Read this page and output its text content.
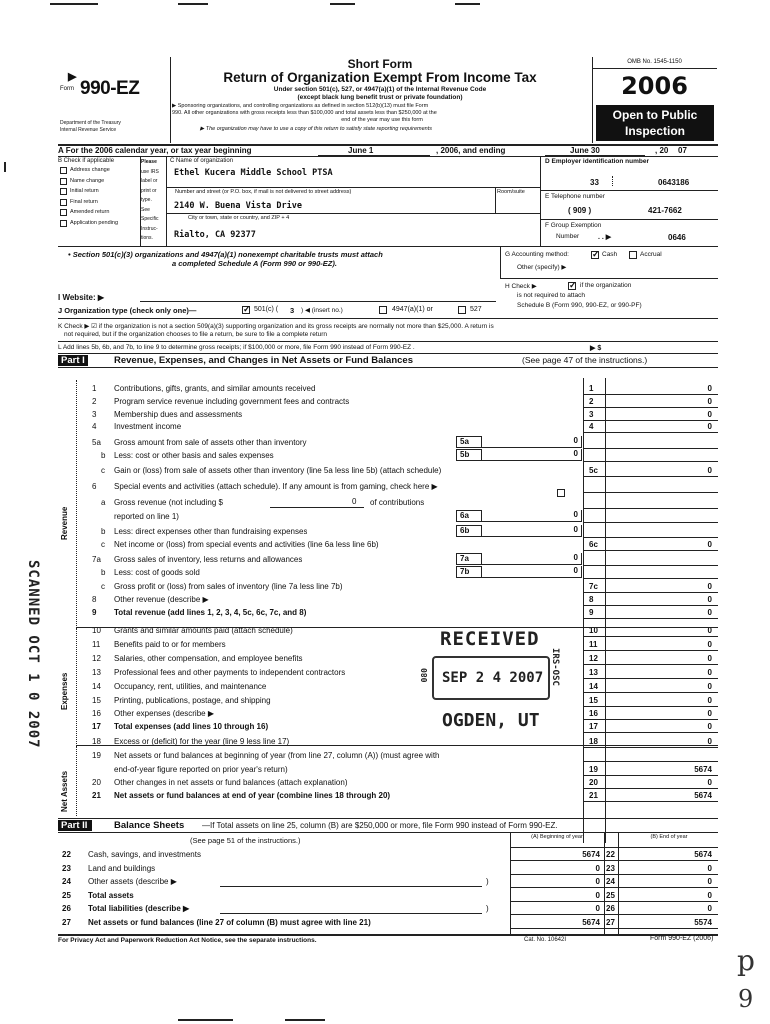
▶
Form 990-EZ
Department of the Treasury
Internal Revenue Service
Short Form
Return of Organization Exempt From Income Tax
Under section 501(c), 527, or 4947(a)(1) of the Internal Revenue Code
(except black lung benefit trust or private foundation)
▶ Sponsoring organizations, and controlling organizations as defined in section 512(b)(13) must file Form
990. All other organizations with gross receipts less than $100,000 and total assets less than $250,000 at the
end of the year may use this form
▶ The organization may have to use a copy of this return to satisfy state reporting requirements
OMB No. 1545-1150
2006
Open to Public
Inspection
A For the 2006 calendar year, or tax year beginning	June 1	, 2006, and ending	June 30	, 20 07
B Check if applicable
Address change
Name change
Initial return
Final return
Amended return
Application pending
Please
use IRS
label or
print or
type.
See
Specific
Instruc-
tions.
C Name of organization
Ethel Kucera Middle School PTSA
Number and street (or P.O. box, if mail is not delivered to street address)	Room/suite
2140 W. Buena Vista Drive
City or town, state or country, and ZIP + 4
Rialto, CA 92377
D Employer identification number
33	0643186
E Telephone number
( 909 )	421-7662
F Group Exemption
Number	. . ▶	0646
• Section 501(c)(3) organizations and 4947(a)(1) nonexempt charitable trusts must attach
a completed Schedule A (Form 990 or 990-EZ).
G Accounting method: ✓	Cash	Accrual
Other (specify) ▶
H Check ▶ ✓	if the organization
is not required to attach
Schedule B (Form 990, 990-EZ, or 990-PF)
I Website: ▶
J Organization type (check only one)— ✓	501(c) ( 3 ) ◀ (insert no.)	4947(a)(1) or	527
K Check ▶ ☑ if the organization is not a section 509(a)(3) supporting organization and its gross receipts are normally not more than $25,000. A return is
not required, but if the organization chooses to file a return, be sure to file a complete return
L Add lines 5b, 6b, and 7b, to line 9 to determine gross receipts; if $100,000 or more, file Form 990 instead of Form 990-EZ .	▶ $
Part I	Revenue, Expenses, and Changes in Net Assets or Fund Balances	(See page 47 of the instructions.)
1	Contributions, gifts, grants, and similar amounts received	1	0
2	Program service revenue including government fees and contracts	2	0
3	Membership dues and assessments	3	0
4	Investment income	4	0
5a	Gross amount from sale of assets other than inventory	5a	0
b	Less: cost or other basis and sales expenses	5b	0
c	Gain or (loss) from sale of assets other than inventory (line 5a less line 5b) (attach schedule)	5c	0
6	Special events and activities (attach schedule). If any amount is from gaming, check here ▶
a	Gross revenue (not including $	0 of contributions
reported on line 1)	6a	0
b	Less: direct expenses other than fundraising expenses	6b	0
c	Net income or (loss) from special events and activities (line 6a less line 6b)	6c	0
7a	Gross sales of inventory, less returns and allowances	7a	0
b	Less: cost of goods sold	7b	0
c	Gross profit or (loss) from sales of inventory (line 7a less line 7b)	7c	0
8	Other revenue (describe ▶	8	0
9	Total revenue (add lines 1, 2, 3, 4, 5c, 6c, 7c, and 8)	9	0
10	Grants and similar amounts paid (attach schedule)	10	0
11	Benefits paid to or for members	11	0
12	Salaries, other compensation, and employee benefits	12	0
13	Professional fees and other payments to independent contractors	13	0
14	Occupancy, rent, utilities, and maintenance	14	0
15	Printing, publications, postage, and shipping	15	0
16	Other expenses (describe ▶	16	0
17	Total expenses (add lines 10 through 16)	17	0
18	Excess or (deficit) for the year (line 9 less line 17)	18	0
19	Net assets or fund balances at beginning of year (from line 27, column (A)) (must agree with
end-of-year figure reported on prior year's return)	19	5674
20	Other changes in net assets or fund balances (attach explanation)	20	0
21	Net assets or fund balances at end of year (combine lines 18 through 20)	21	5674
Revenue
Expenses
Net Assets
RECEIVED
SEP 2 4 2007
OGDEN, UT
IRS-OSC
080
Part II	Balance Sheets —If Total assets on line 25, column (B) are $250,000 or more, file Form 990 instead of Form 990-EZ.
(See page 51 of the instructions.)	(A) Beginning of year	(B) End of year
22 Cash, savings, and investments	5674 22	5674
23 Land and buildings	0 23	0
24 Other assets (describe ▶	)	0 24	0
25 Total assets	0 25	0
26 Total liabilities (describe ▶	)	0 26	0
27 Net assets or fund balances (line 27 of column (B) must agree with line 21)	5674 27	5574
For Privacy Act and Paperwork Reduction Act Notice, see the separate instructions.	Cat. No. 10642I	Form 990-EZ (2006)
SCANNED OCT 1 0 2007
p
9
